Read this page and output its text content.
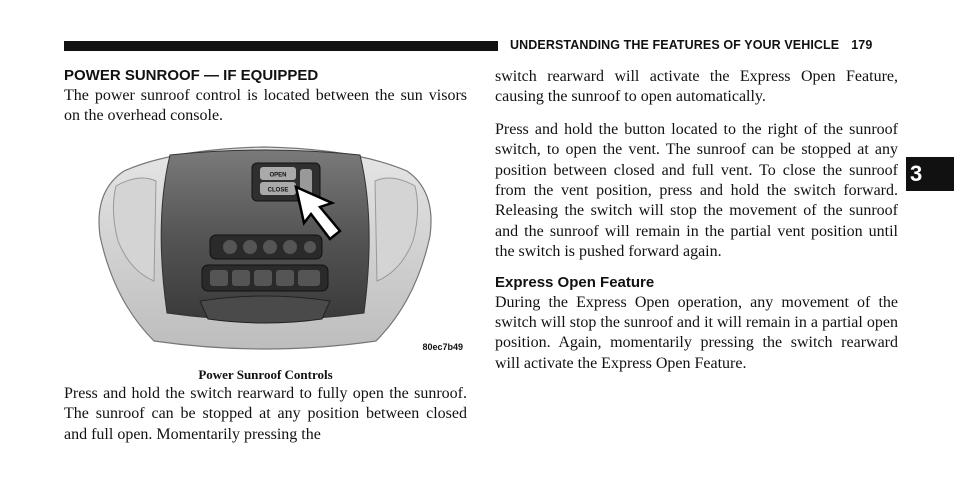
UNDERSTANDING THE FEATURES OF YOUR VEHICLE 179
3
POWER SUNROOF — IF EQUIPPED

The power sunroof control is located between the sun visors on the overhead console.

OPEN
CLOSE
80ec7b49
Power Sunroof Controls

Press and hold the switch rearward to fully open the sunroof. The sunroof can be stopped at any position between closed and full open. Momentarily pressing the

switch rearward will activate the Express Open Feature, causing the sunroof to open automatically.

Press and hold the button located to the right of the sunroof switch, to open the vent. The sunroof can be stopped at any position between closed and full vent. To close the sunroof from the vent position, press and hold the switch forward. Releasing the switch will stop the movement of the sunroof and the sunroof will remain in the partial vent position until the switch is pushed forward again.

Express Open Feature

During the Express Open operation, any movement of the switch will stop the sunroof and it will remain in a partial open position. Again, momentarily pressing the switch rearward will activate the Express Open Feature.
